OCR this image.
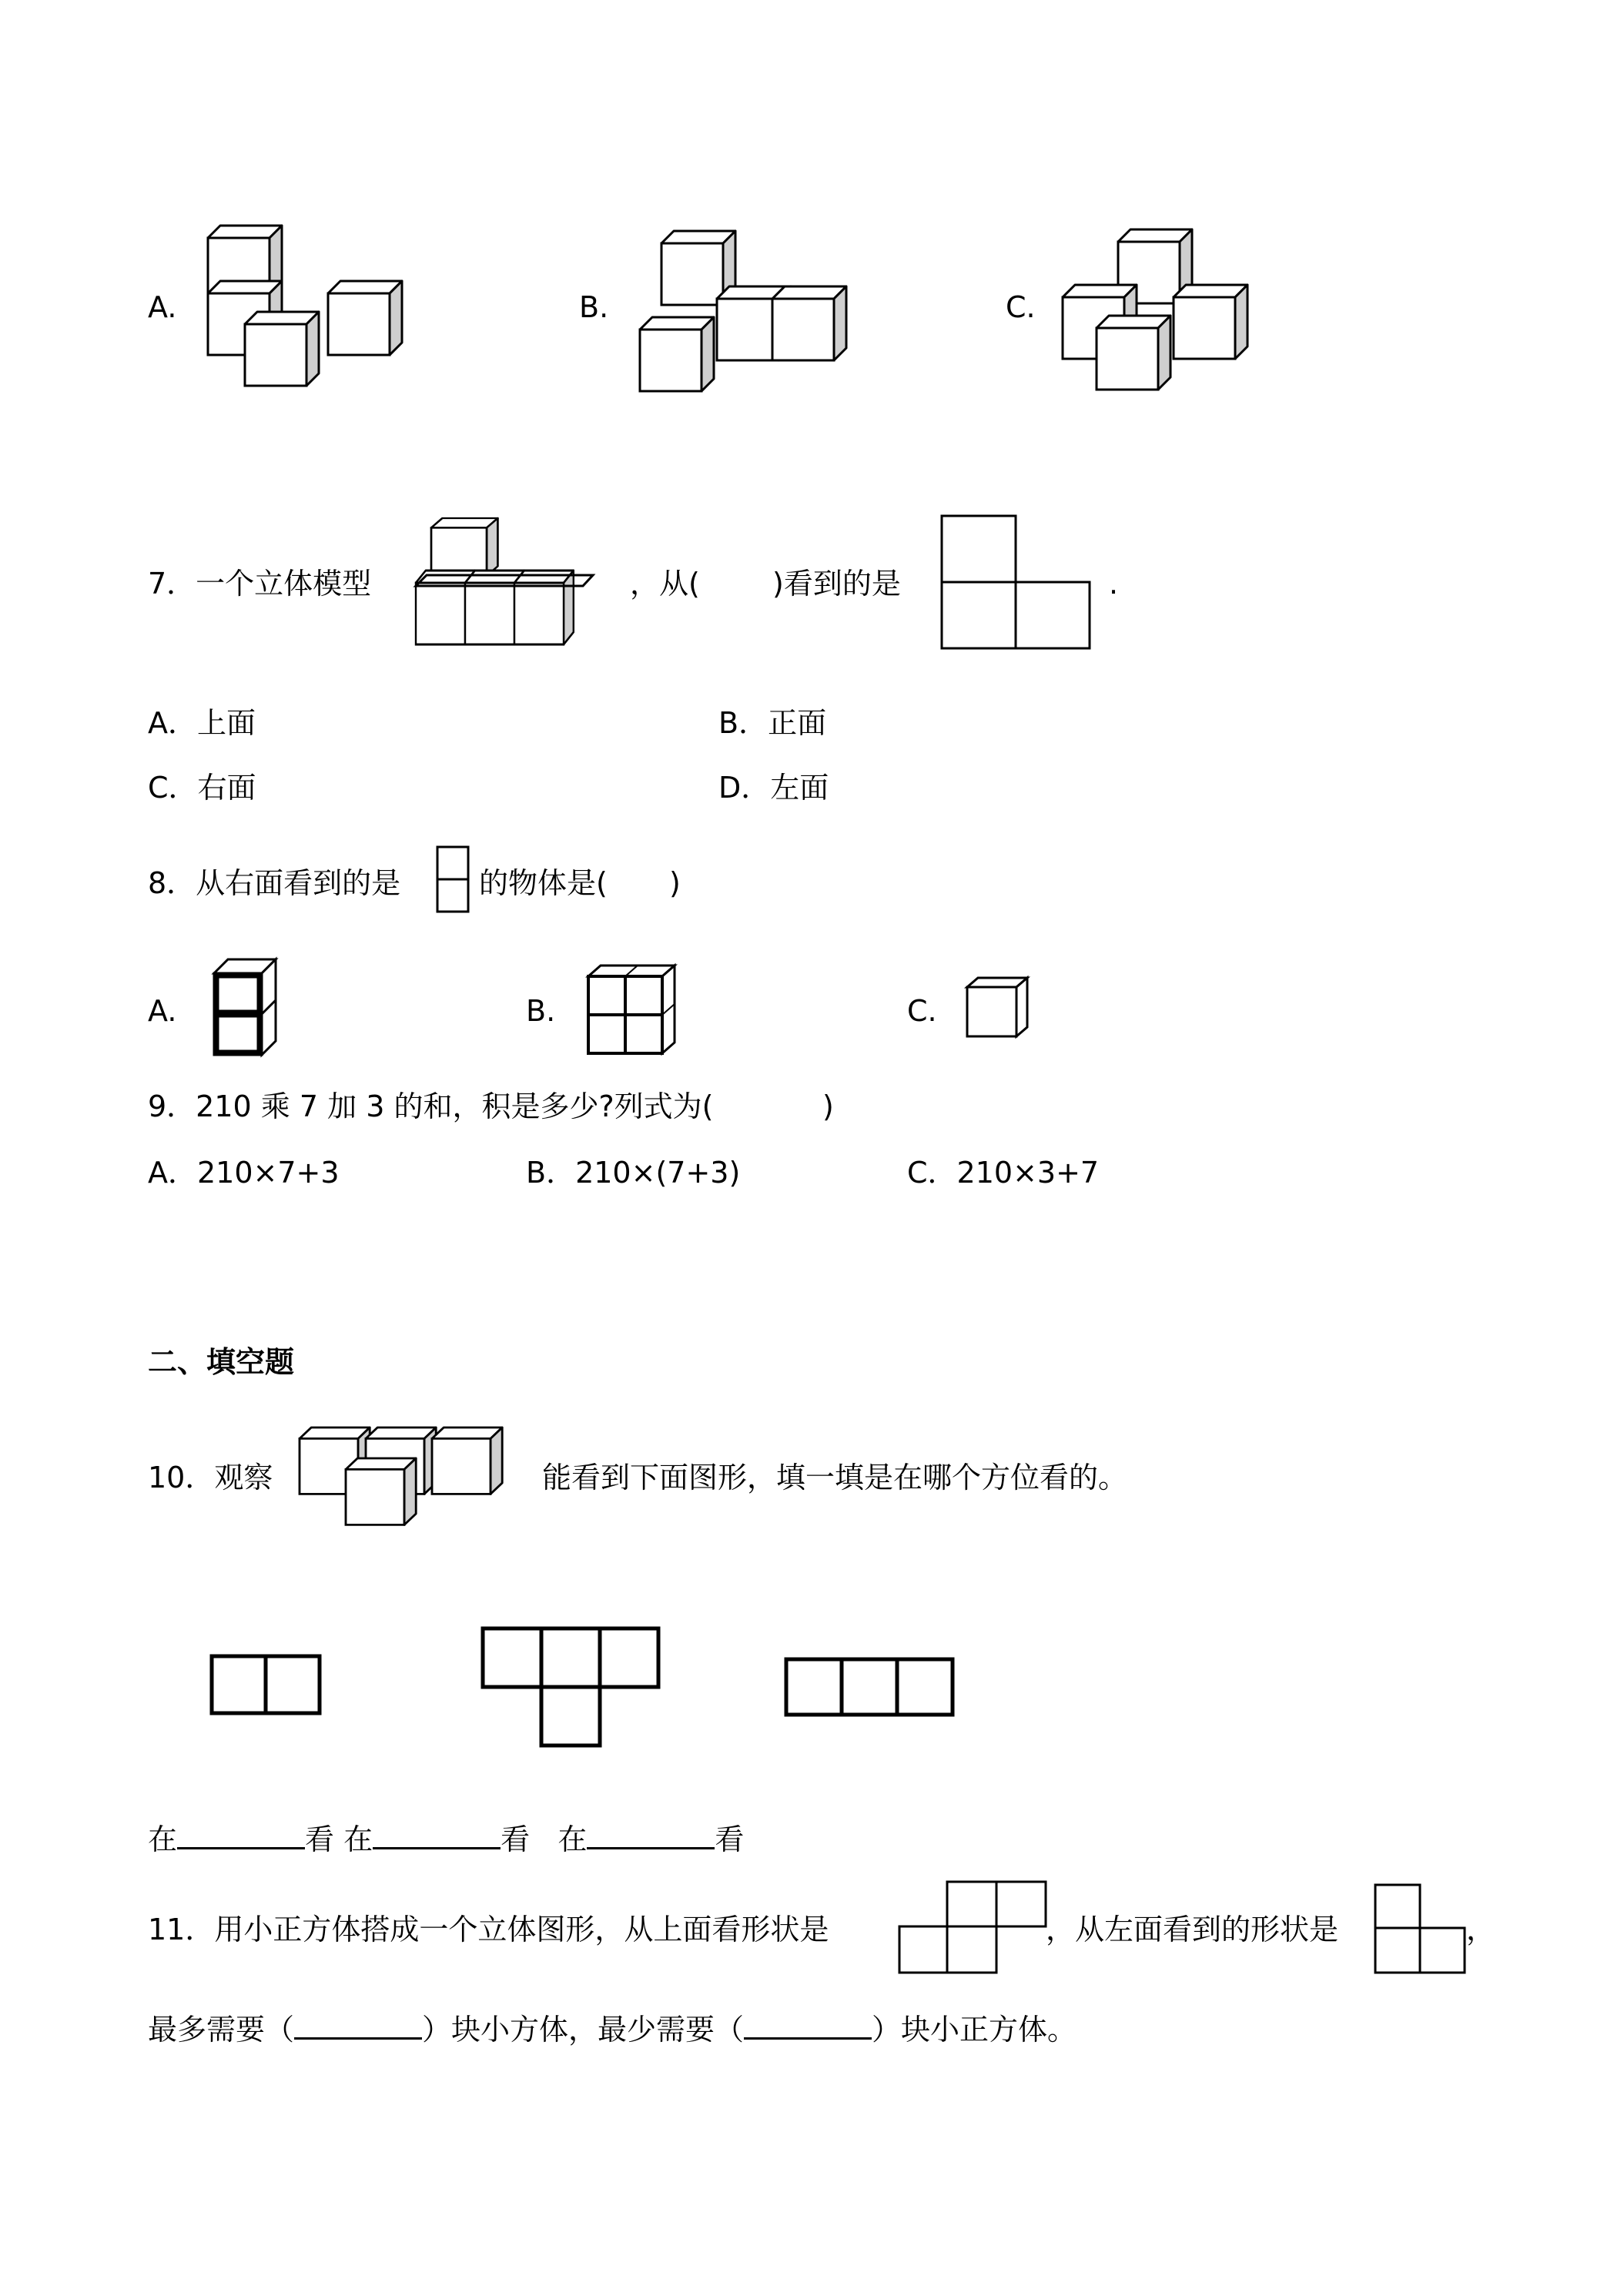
A.	B.	C.
7．一个立体模型	，从( )看到的是	.
A．上面	B．正面
C．右面	D．左面
8．从右面看到的是	的物体是( )
A.	B.	C.
9．210 乘 7 加 3 的和，积是多少?列式为(	)
A．210×7+3	B．210×(7+3)	C．210×3+7
二、填空题
10．观察	能看到下面图形，填一填是在哪个方位看的。
在	看 在	看 在	看
11．用小正方体搭成一个立体图形，从上面看形状是	，从左面看到的形状是	，
最多需要（	）块小方体，最少需要（	）块小正方体。
